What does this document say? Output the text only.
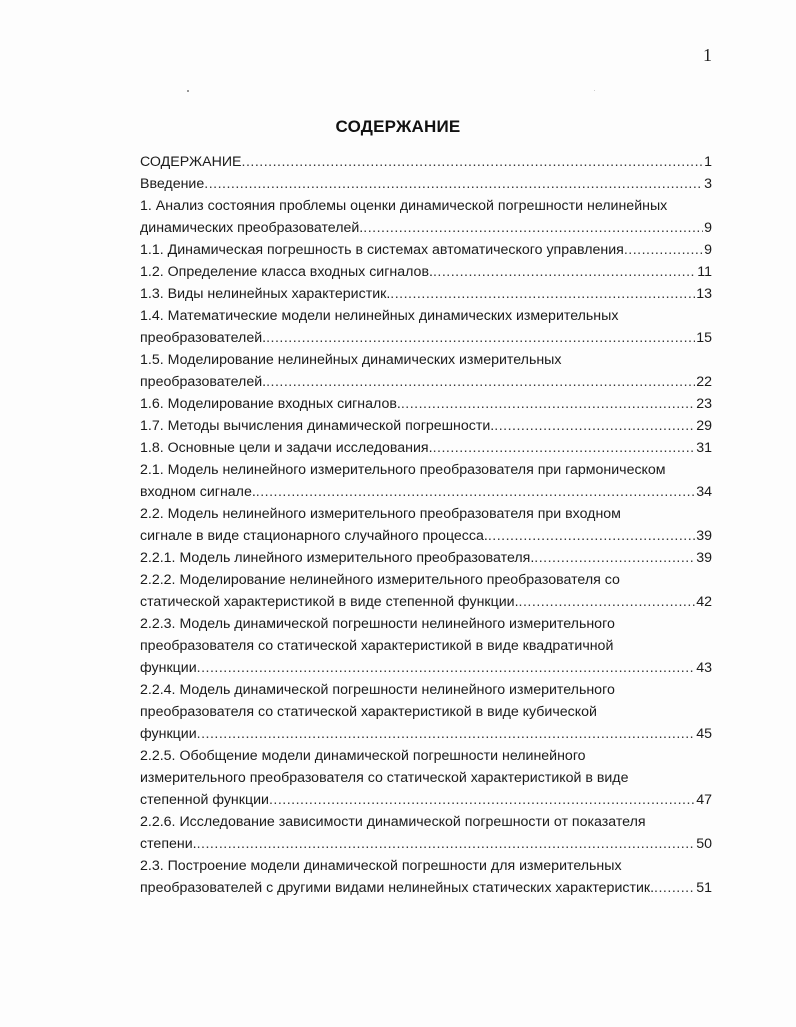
1
СОДЕРЖАНИЕ
СОДЕРЖАНИЕ .....	1
Введение .....	3
1. Анализ состояния проблемы оценки динамической погрешности нелинейных
динамических преобразователей. .....	9
1.1. Динамическая погрешность в системах автоматического управления .....	9
1.2. Определение класса входных сигналов. .....	11
1.3. Виды нелинейных характеристик. .....	13
1.4. Математические модели нелинейных динамических измерительных
преобразователей. .....	15
1.5. Моделирование нелинейных динамических измерительных
преобразователей. .....	22
1.6. Моделирование входных сигналов. .....	23
1.7. Методы вычисления динамической погрешности. .....	29
1.8. Основные цели и задачи исследования. .....	31
2.1. Модель нелинейного измерительного преобразователя при гармоническом
входном сигнале. .....	34
2.2. Модель нелинейного измерительного преобразователя при входном
сигнале в виде стационарного случайного процесса. .....	39
2.2.1. Модель линейного измерительного преобразователя. .....	39
2.2.2. Моделирование нелинейного измерительного преобразователя со
статической характеристикой в виде степенной функции. .....	42
2.2.3. Модель динамической погрешности нелинейного измерительного
преобразователя со статической характеристикой в виде квадратичной
функции .....	43
2.2.4. Модель динамической погрешности нелинейного измерительного
преобразователя со статической характеристикой в виде кубической
функции .....	45
2.2.5. Обобщение модели динамической погрешности нелинейного
измерительного преобразователя со статической характеристикой в виде
степенной функции .....	47
2.2.6. Исследование зависимости динамической погрешности от показателя
степени. .....	50
2.3. Построение модели динамической погрешности для измерительных
преобразователей с другими видами нелинейных статических характеристик. .....	51
